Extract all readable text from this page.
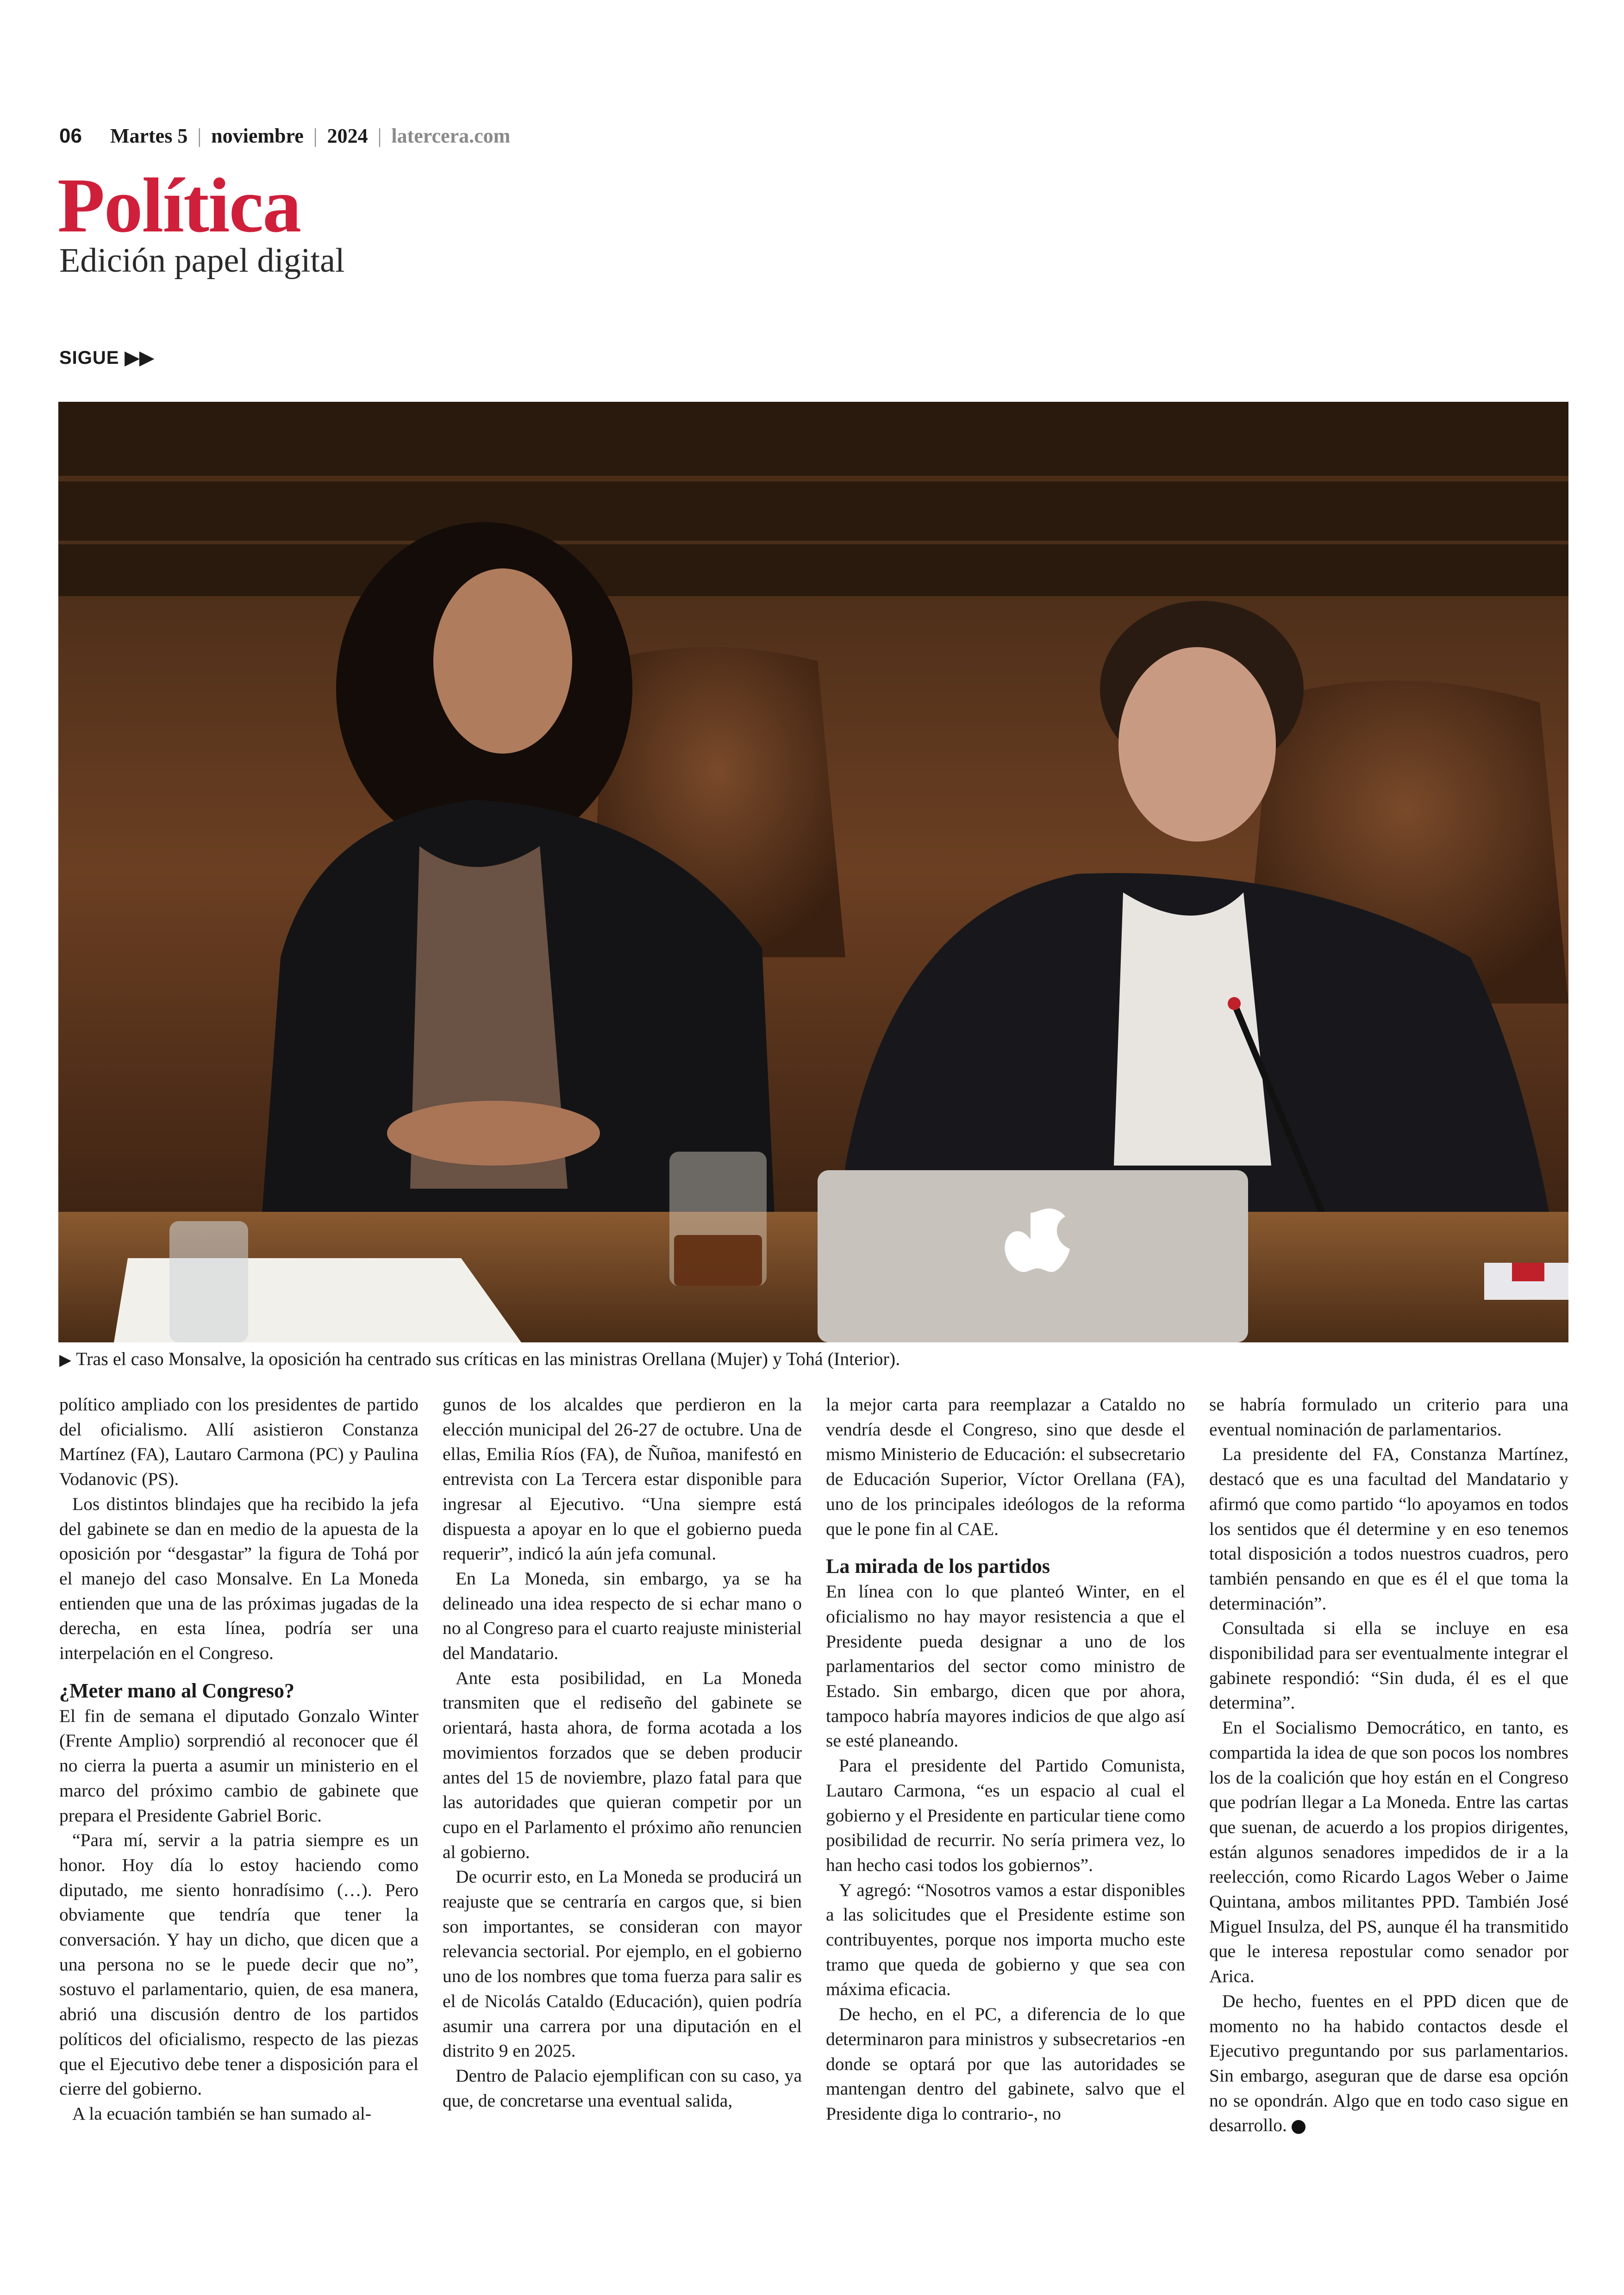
06 Martes 5 | noviembre | 2024 | latercera.com
Política
Edición papel digital
SIGUE ▶▶
▶ Tras el caso Monsalve, la oposición ha centrado sus críticas en las ministras Orellana (Mujer) y Tohá (Interior).

político ampliado con los presidentes de partido del oficialismo. Allí asistieron Constanza Martínez (FA), Lautaro Carmona (PC) y Paulina Vodanovic (PS).

Los distintos blindajes que ha recibido la jefa del gabinete se dan en medio de la apuesta de la oposición por “desgastar” la figura de Tohá por el manejo del caso Monsalve. En La Moneda entienden que una de las próximas jugadas de la derecha, en esta línea, podría ser una interpelación en el Congreso.

¿Meter mano al Congreso?

El fin de semana el diputado Gonzalo Winter (Frente Amplio) sorprendió al reconocer que él no cierra la puerta a asumir un ministerio en el marco del próximo cambio de gabinete que prepara el Presidente Gabriel Boric.

“Para mí, servir a la patria siempre es un honor. Hoy día lo estoy haciendo como diputado, me siento honradísimo (…). Pero obviamente que tendría que tener la conversación. Y hay un dicho, que dicen que a una persona no se le puede decir que no”, sostuvo el parlamentario, quien, de esa manera, abrió una discusión dentro de los partidos políticos del oficialismo, respecto de las piezas que el Ejecutivo debe tener a disposición para el cierre del gobierno.

A la ecuación también se han sumado al-

gunos de los alcaldes que perdieron en la elección municipal del 26-27 de octubre. Una de ellas, Emilia Ríos (FA), de Ñuñoa, manifestó en entrevista con La Tercera estar disponible para ingresar al Ejecutivo. “Una siempre está dispuesta a apoyar en lo que el gobierno pueda requerir”, indicó la aún jefa comunal.

En La Moneda, sin embargo, ya se ha delineado una idea respecto de si echar mano o no al Congreso para el cuarto reajuste ministerial del Mandatario.

Ante esta posibilidad, en La Moneda transmiten que el rediseño del gabinete se orientará, hasta ahora, de forma acotada a los movimientos forzados que se deben producir antes del 15 de noviembre, plazo fatal para que las autoridades que quieran competir por un cupo en el Parlamento el próximo año renuncien al gobierno.

De ocurrir esto, en La Moneda se producirá un reajuste que se centraría en cargos que, si bien son importantes, se consideran con mayor relevancia sectorial. Por ejemplo, en el gobierno uno de los nombres que toma fuerza para salir es el de Nicolás Cataldo (Educación), quien podría asumir una carrera por una diputación en el distrito 9 en 2025.

Dentro de Palacio ejemplifican con su caso, ya que, de concretarse una eventual salida,

la mejor carta para reemplazar a Cataldo no vendría desde el Congreso, sino que desde el mismo Ministerio de Educación: el subsecretario de Educación Superior, Víctor Orellana (FA), uno de los principales ideólogos de la reforma que le pone fin al CAE.

La mirada de los partidos

En línea con lo que planteó Winter, en el oficialismo no hay mayor resistencia a que el Presidente pueda designar a uno de los parlamentarios del sector como ministro de Estado. Sin embargo, dicen que por ahora, tampoco habría mayores indicios de que algo así se esté planeando.

Para el presidente del Partido Comunista, Lautaro Carmona, “es un espacio al cual el gobierno y el Presidente en particular tiene como posibilidad de recurrir. No sería primera vez, lo han hecho casi todos los gobiernos”.

Y agregó: “Nosotros vamos a estar disponibles a las solicitudes que el Presidente estime son contribuyentes, porque nos importa mucho este tramo que queda de gobierno y que sea con máxima eficacia.

De hecho, en el PC, a diferencia de lo que determinaron para ministros y subsecretarios -en donde se optará por que las autoridades se mantengan dentro del gabinete, salvo que el Presidente diga lo contrario-, no

se habría formulado un criterio para una eventual nominación de parlamentarios.

La presidente del FA, Constanza Martínez, destacó que es una facultad del Mandatario y afirmó que como partido “lo apoyamos en todos los sentidos que él determine y en eso tenemos total disposición a todos nuestros cuadros, pero también pensando en que es él el que toma la determinación”.

Consultada si ella se incluye en esa disponibilidad para ser eventualmente integrar el gabinete respondió: “Sin duda, él es el que determina”.

En el Socialismo Democrático, en tanto, es compartida la idea de que son pocos los nombres los de la coalición que hoy están en el Congreso que podrían llegar a La Moneda. Entre las cartas que suenan, de acuerdo a los propios dirigentes, están algunos senadores impedidos de ir a la reelección, como Ricardo Lagos Weber o Jaime Quintana, ambos militantes PPD. También José Miguel Insulza, del PS, aunque él ha transmitido que le interesa repostular como senador por Arica.

De hecho, fuentes en el PPD dicen que de momento no ha habido contactos desde el Ejecutivo preguntando por sus parlamentarios. Sin embargo, aseguran que de darse esa opción no se opondrán. Algo que en todo caso sigue en desarrollo.
